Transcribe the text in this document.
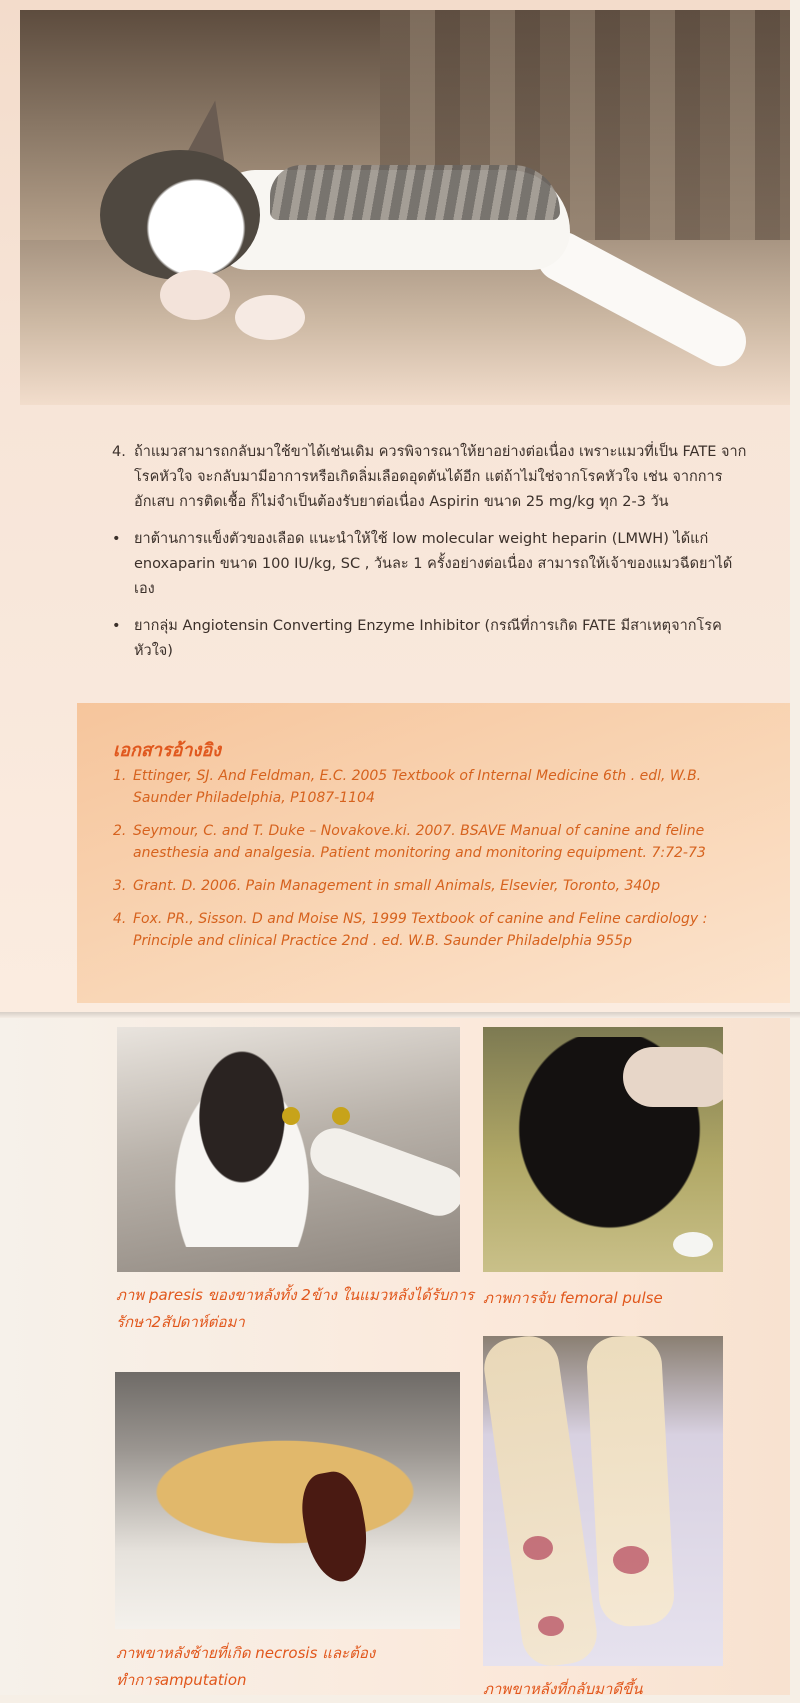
4. ถ้าแมวสามารถกลับมาใช้ขาได้เช่นเดิม ควรพิจารณาให้ยาอย่างต่อเนื่อง เพราะแมวที่เป็น FATE จากโรคหัวใจ จะกลับมามีอาการหรือเกิดลิ่มเลือดอุดตันได้อีก แต่ถ้าไม่ใช่จากโรคหัวใจ เช่น จากการอักเสบ การติดเชื้อ ก็ไม่จำเป็นต้องรับยาต่อเนื่อง Aspirin ขนาด 25 mg/kg ทุก 2-3 วัน
• ยาต้านการแข็งตัวของเลือด แนะนำให้ใช้ low molecular weight heparin (LMWH) ได้แก่ enoxaparin ขนาด 100 IU/kg, SC , วันละ 1 ครั้งอย่างต่อเนื่อง สามารถให้เจ้าของแมวฉีดยาได้เอง
• ยากลุ่ม Angiotensin Converting Enzyme Inhibitor (กรณีที่การเกิด FATE มีสาเหตุจากโรคหัวใจ)
เอกสารอ้างอิง
1. Ettinger, SJ. And Feldman, E.C. 2005 Textbook of Internal Medicine 6th . edl, W.B. Saunder Philadelphia, P1087-1104
2. Seymour, C. and T. Duke – Novakove.ki. 2007. BSAVE Manual of canine and feline anesthesia and analgesia. Patient monitoring and monitoring equipment. 7:72-73
3. Grant. D. 2006. Pain Management in small Animals, Elsevier, Toronto, 340p
4. Fox. PR., Sisson. D and Moise NS, 1999 Textbook of canine and Feline cardiology : Principle and clinical Practice 2nd . ed. W.B. Saunder Philadelphia 955p
ภาพ paresis ของขาหลังทั้ง 2ข้าง ในแมวหลังได้รับการรักษา2สัปดาห์ต่อมา
ภาพการจับ femoral pulse
ภาพขาหลังซ้ายที่เกิด necrosis และต้องทำการamputation	ภาพขาหลังที่กลับมาดีขึ้น
